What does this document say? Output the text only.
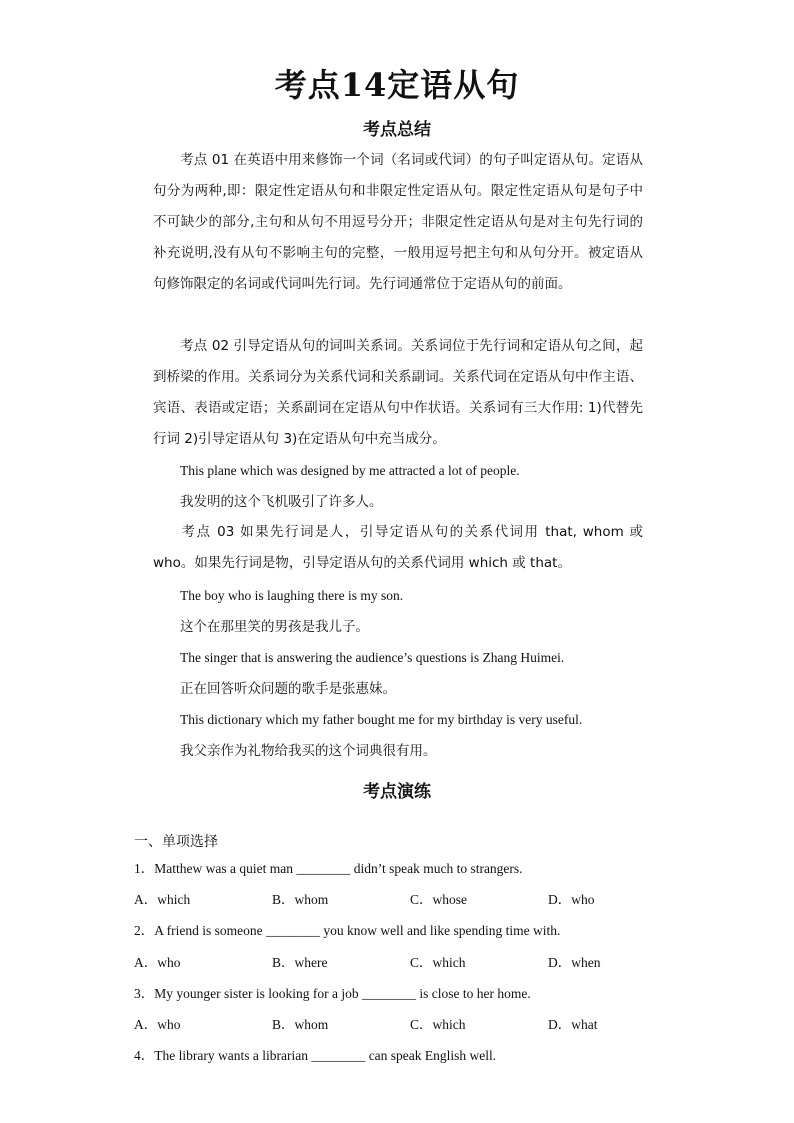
考点14定语从句
考点总结
考点 01 在英语中用来修饰一个词（名词或代词）的句子叫定语从句。定语从句分为两种,即：限定性定语从句和非限定性定语从句。限定性定语从句是句子中不可缺少的部分,主句和从句不用逗号分开；非限定性定语从句是对主句先行词的补充说明,没有从句不影响主句的完整，一般用逗号把主句和从句分开。被定语从句修饰限定的名词或代词叫先行词。先行词通常位于定语从句的前面。
考点 02 引导定语从句的词叫关系词。关系词位于先行词和定语从句之间，起到桥梁的作用。关系词分为关系代词和关系副词。关系代词在定语从句中作主语、宾语、表语或定语；关系副词在定语从句中作状语。关系词有三大作用: 1)代替先行词 2)引导定语从句 3)在定语从句中充当成分。
This plane which was designed by me attracted a lot of people.
我发明的这个飞机吸引了许多人。
考点 03 如果先行词是人，引导定语从句的关系代词用 that, whom 或 who。如果先行词是物，引导定语从句的关系代词用 which 或 that。
The boy who is laughing there is my son.
这个在那里笑的男孩是我儿子。
The singer that is answering the audience’s questions is Zhang Huimei.
正在回答听众问题的歌手是张惠妹。
This dictionary which my father bought me for my birthday is very useful.
我父亲作为礼物给我买的这个词典很有用。
考点演练
一、单项选择
1．Matthew was a quiet man ________ didn’t speak much to strangers.
A．which	B．whom	C．whose	D．who
2．A friend is someone ________ you know well and like spending time with.
A．who	B．where	C．which	D．when
3．My younger sister is looking for a job ________ is close to her home.
A．who	B．whom	C．which	D．what
4．The library wants a librarian ________ can speak English well.
